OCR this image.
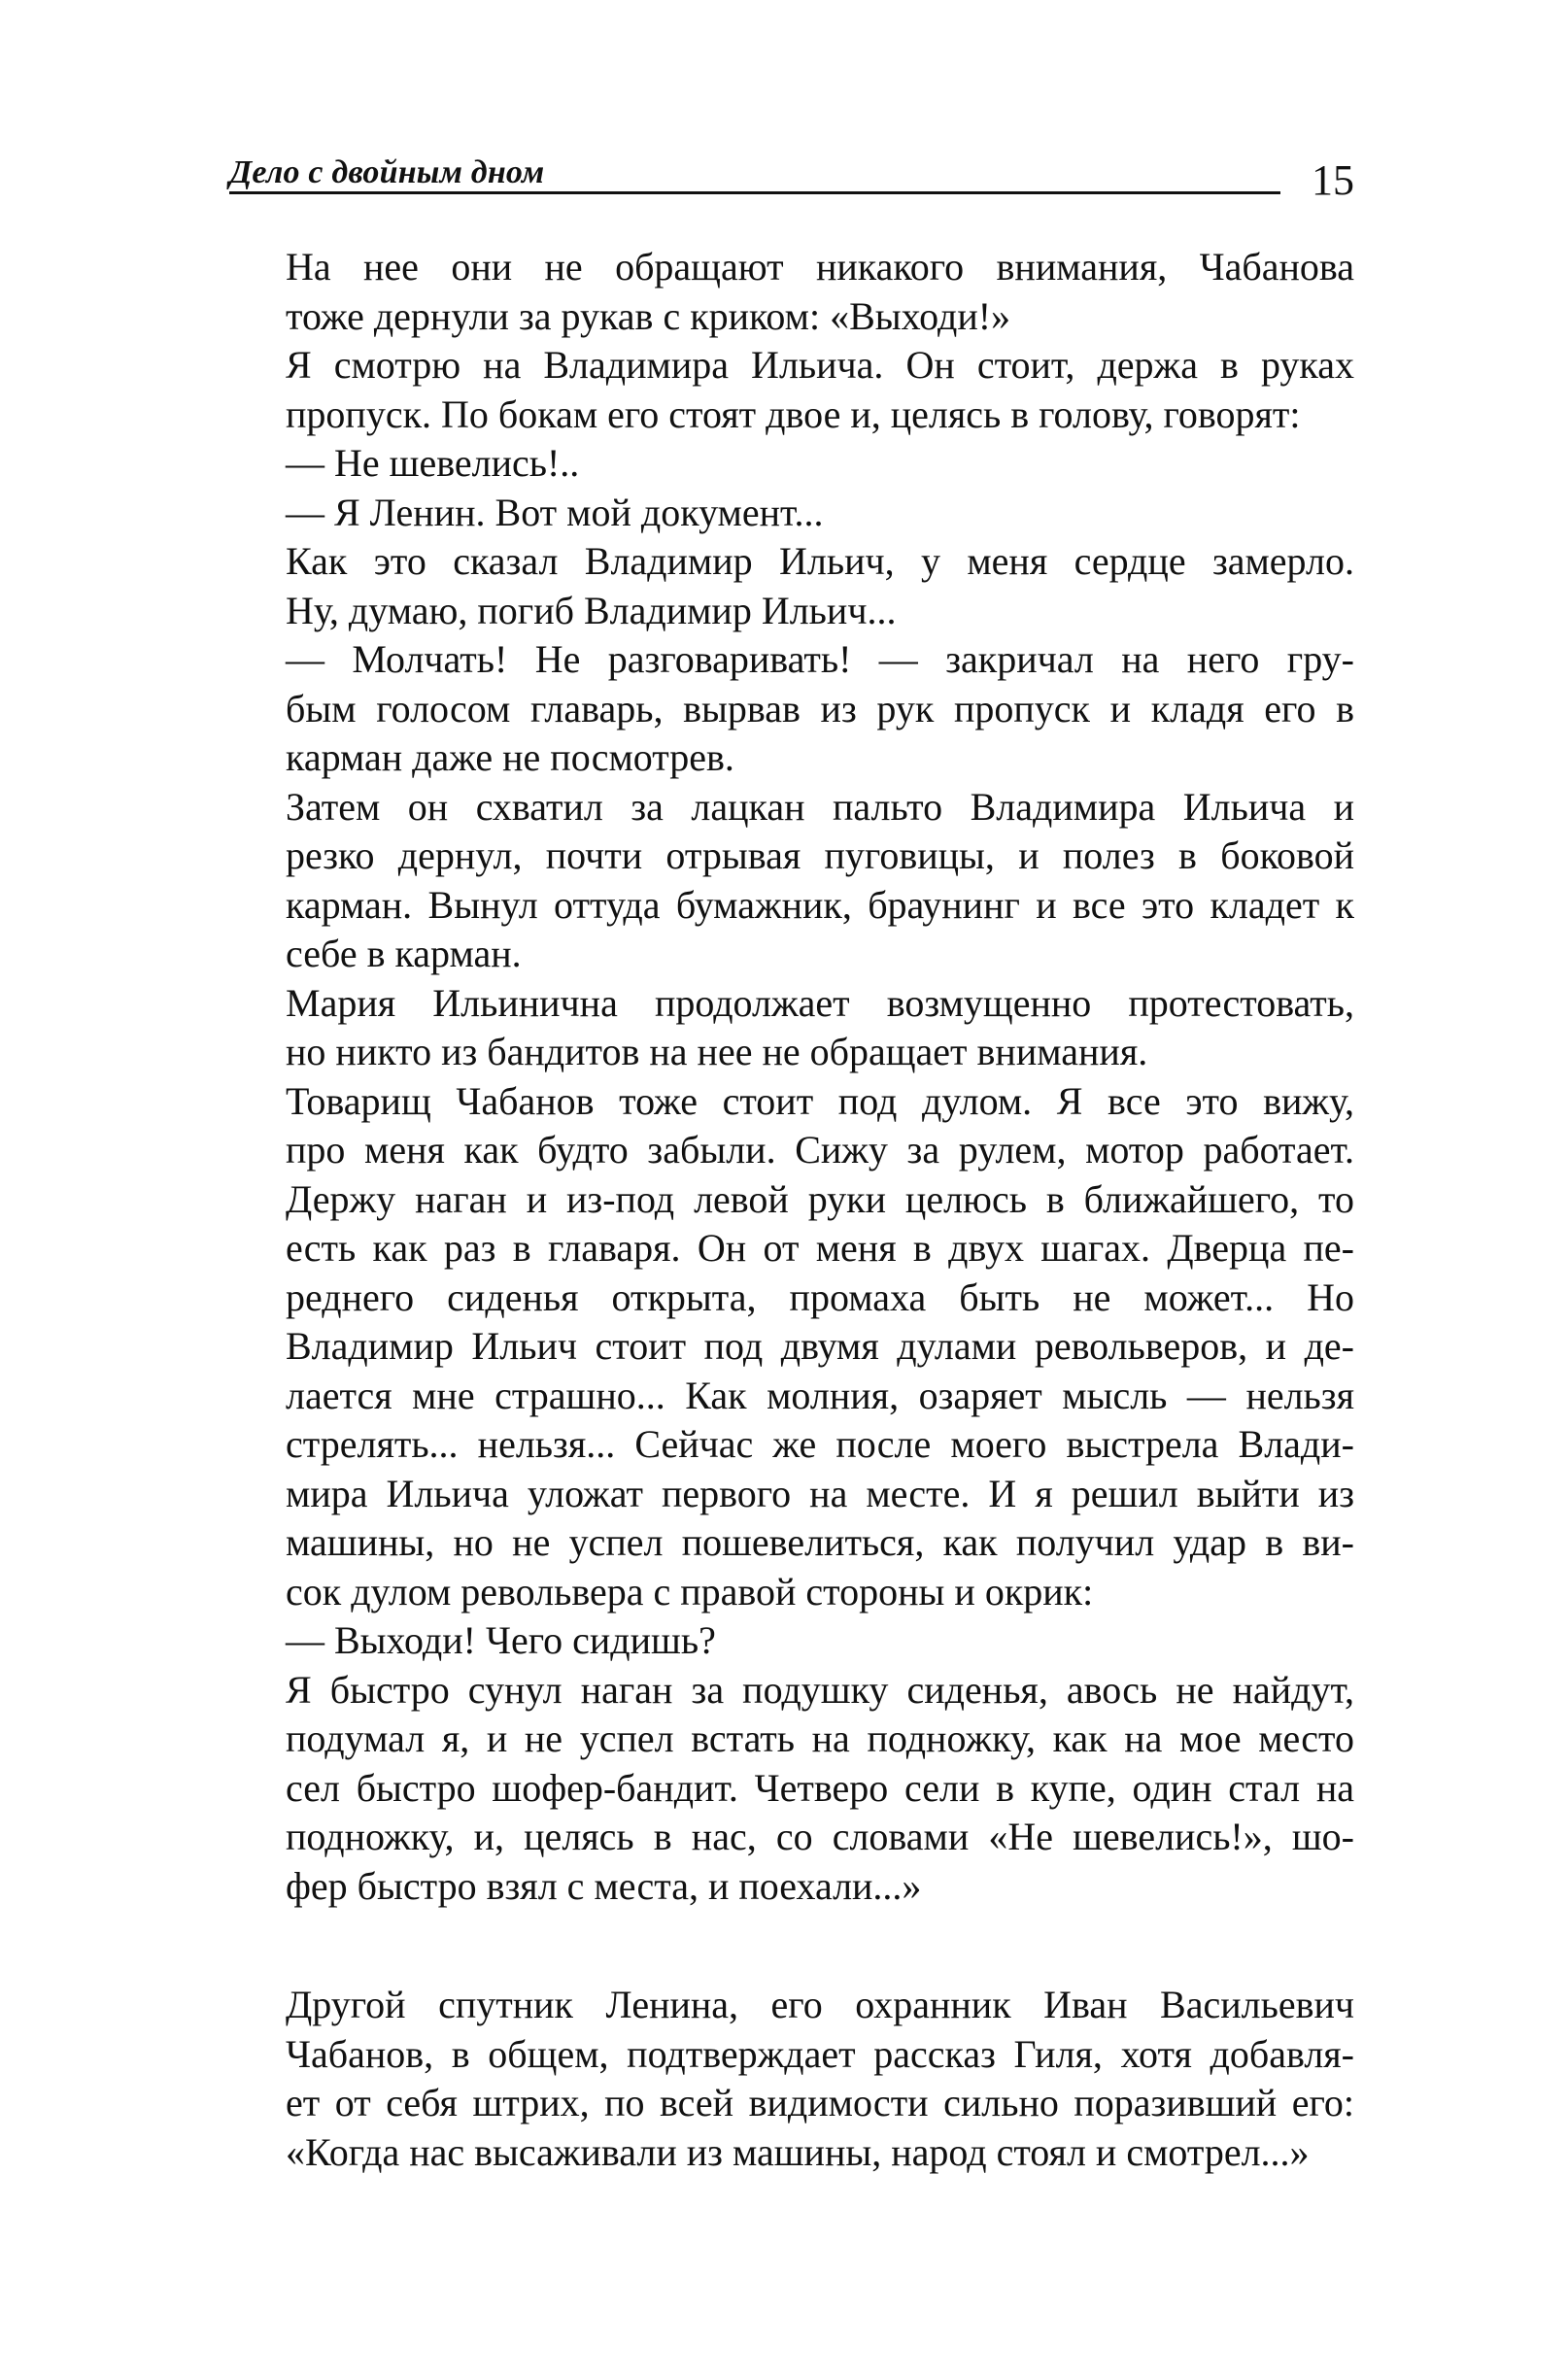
Дело с двойным дном	15

На нее они не обращают никакого внимания, Чабанова
тоже дернули за рукав с криком: «Выходи!»

Я смотрю на Владимира Ильича. Он стоит, держа в руках
пропуск. По бокам его стоят двое и, целясь в голову, говорят:

— Не шевелись!..

— Я Ленин. Вот мой документ...

Как это сказал Владимир Ильич, у меня сердце замерло.
Ну, думаю, погиб Владимир Ильич...

— Молчать! Не разговаривать! — закричал на него гру-
бым голосом главарь, вырвав из рук пропуск и кладя его в
карман даже не посмотрев.

Затем он схватил за лацкан пальто Владимира Ильича и
резко дернул, почти отрывая пуговицы, и полез в боковой
карман. Вынул оттуда бумажник, браунинг и все это кладет к
себе в карман.

Мария Ильинична продолжает возмущенно протестовать,
но никто из бандитов на нее не обращает внимания.

Товарищ Чабанов тоже стоит под дулом. Я все это вижу,
про меня как будто забыли. Сижу за рулем, мотор работает.
Держу наган и из-под левой руки целюсь в ближайшего, то
есть как раз в главаря. Он от меня в двух шагах. Дверца пе-
реднего сиденья открыта, промаха быть не может... Но
Владимир Ильич стоит под двумя дулами револьверов, и де-
лается мне страшно... Как молния, озаряет мысль — нельзя
стрелять... нельзя... Сейчас же после моего выстрела Влади-
мира Ильича уложат первого на месте. И я решил выйти из
машины, но не успел пошевелиться, как получил удар в ви-
сок дулом револьвера с правой стороны и окрик:

— Выходи! Чего сидишь?

Я быстро сунул наган за подушку сиденья, авось не найдут,
подумал я, и не успел встать на подножку, как на мое место
сел быстро шофер-бандит. Четверо сели в купе, один стал на
подножку, и, целясь в нас, со словами «Не шевелись!», шо-
фер быстро взял с места, и поехали...»

Другой спутник Ленина, его охранник Иван Васильевич
Чабанов, в общем, подтверждает рассказ Гиля, хотя добавля-
ет от себя штрих, по всей видимости сильно поразивший его:
«Когда нас высаживали из машины, народ стоял и смотрел...»
